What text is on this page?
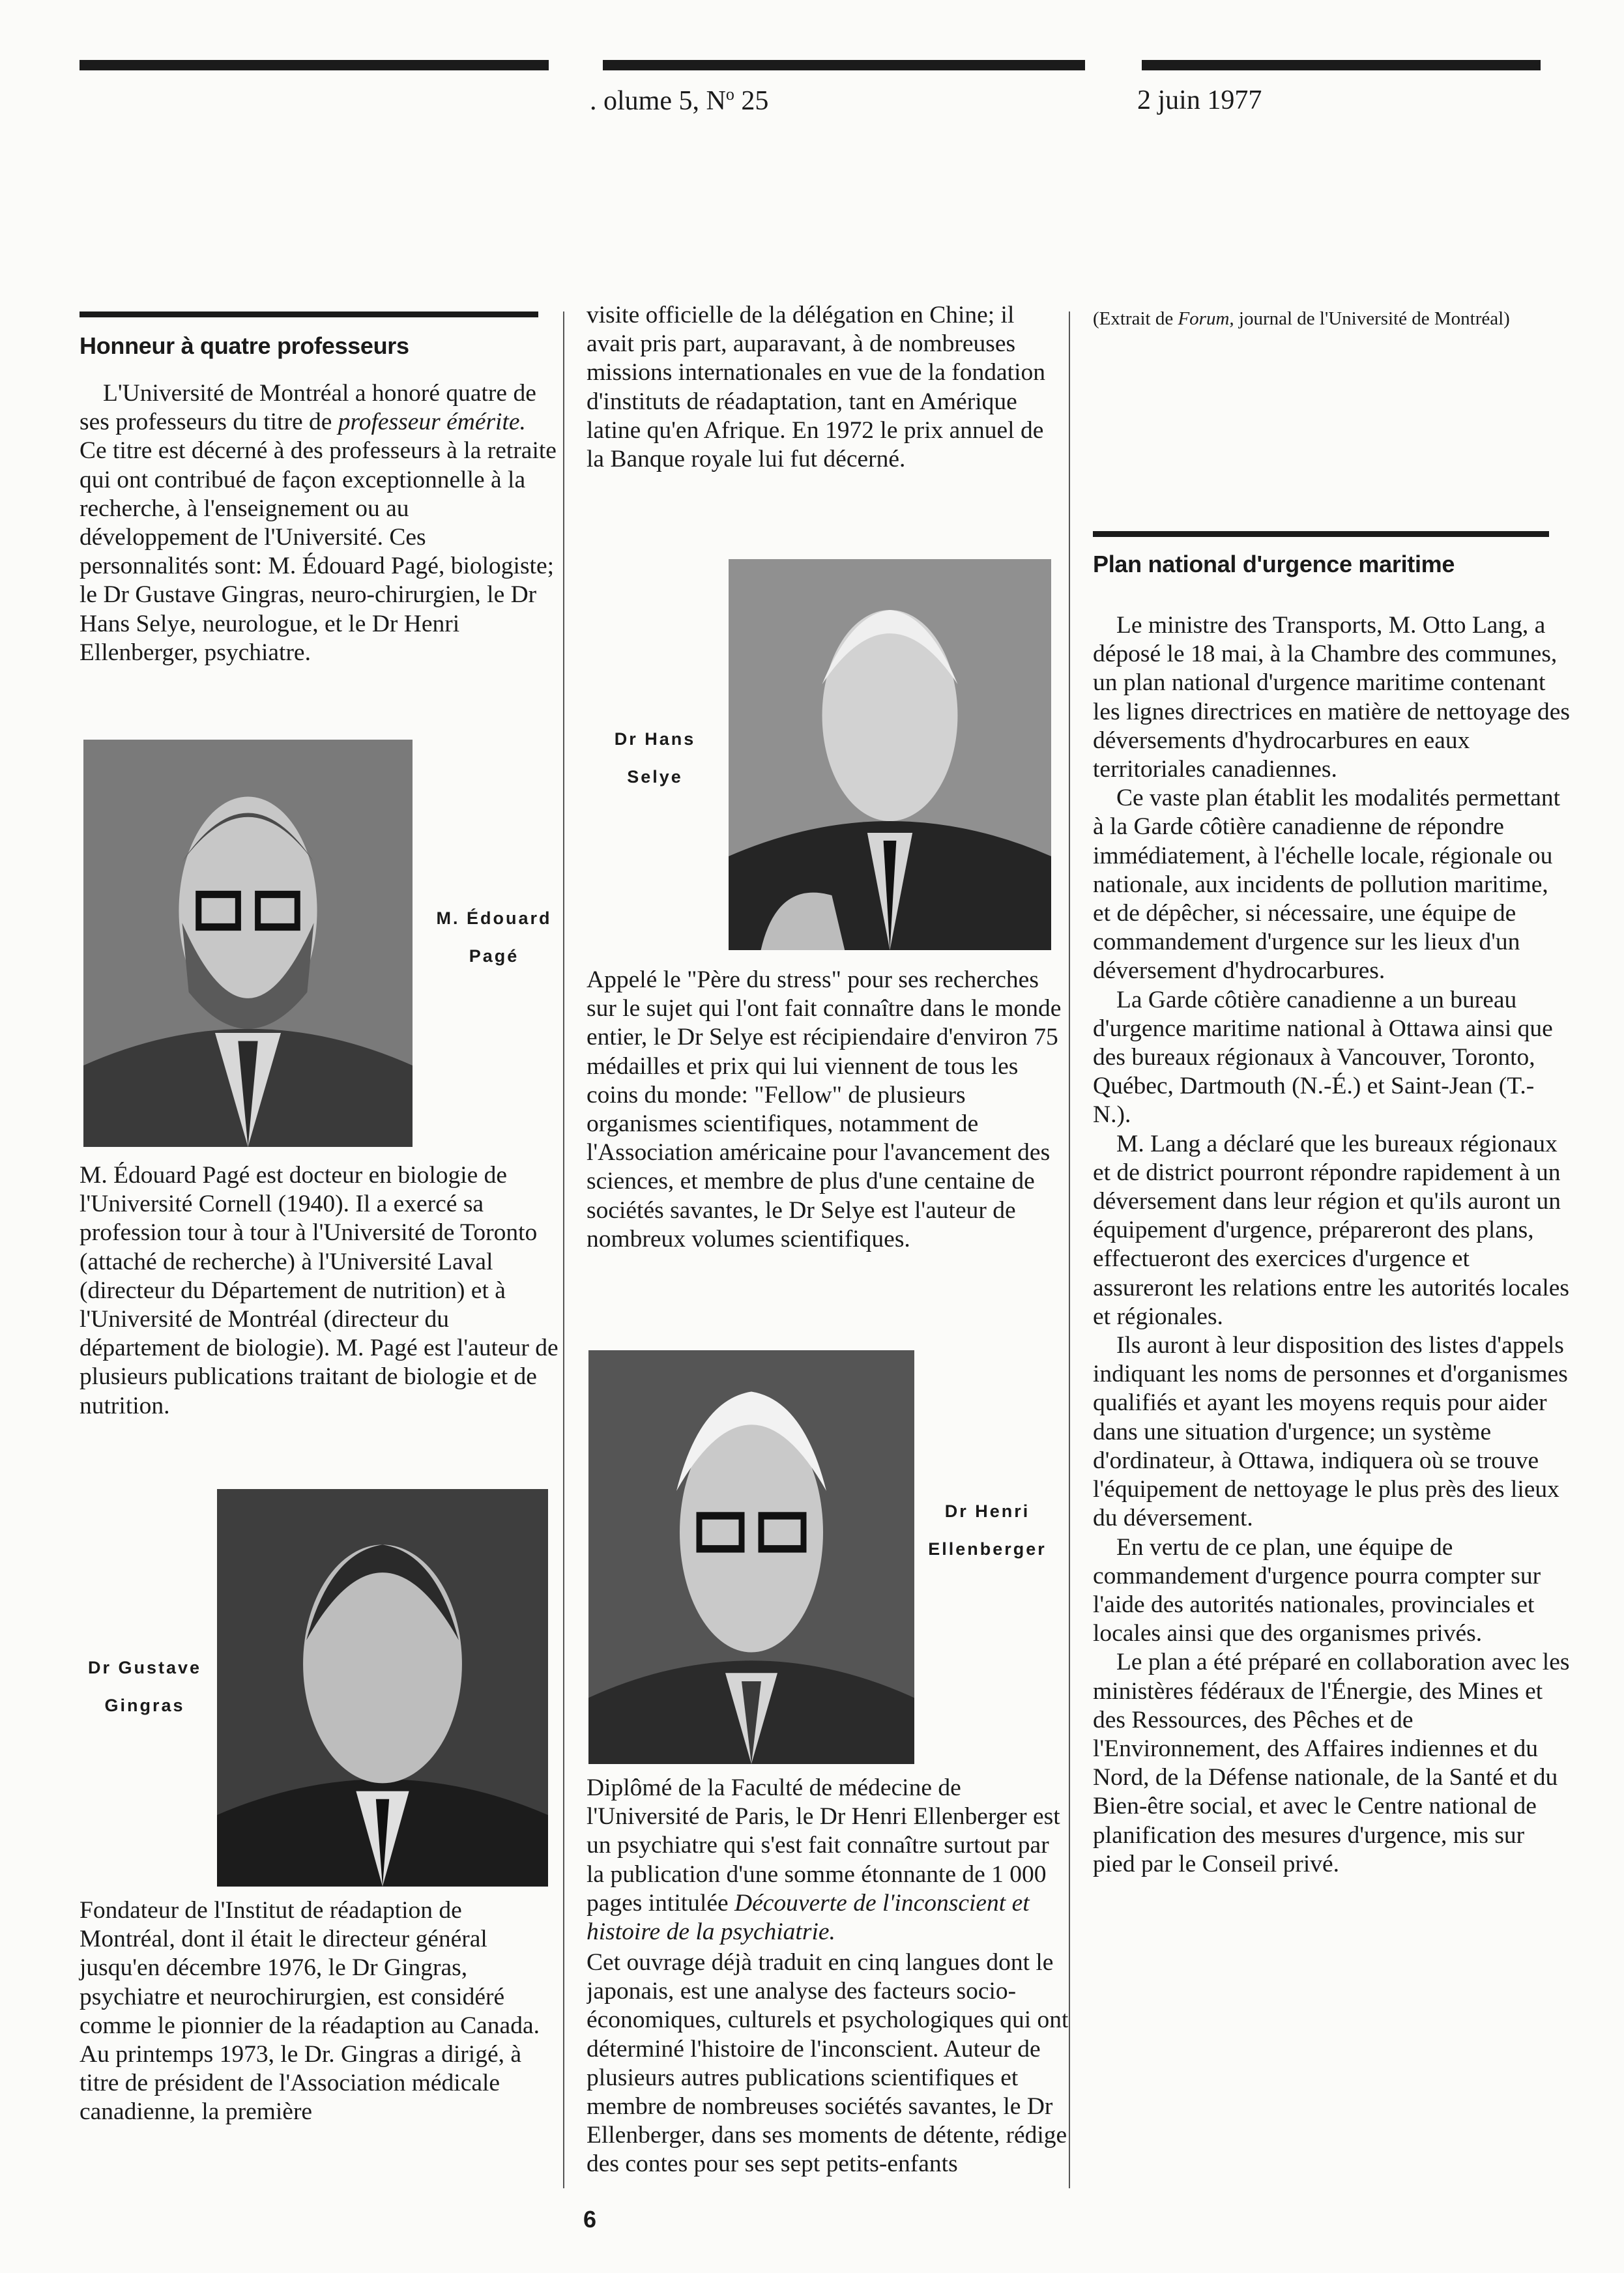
. olume 5, $N^o$ 25	2 juin 1977
Honneur à quatre professeurs

L'Université de Montréal a honoré quatre de ses professeurs du titre de professeur émérite. Ce titre est décerné à des professeurs à la retraite qui ont contribué de façon exceptionnelle à la recherche, à l'enseignement ou au développement de l'Université. Ces personnalités sont: M. Édouard Pagé, biologiste; le Dr Gustave Gingras, neuro-chirurgien, le Dr Hans Selye, neurologue, et le Dr Henri Ellenberger, psychiatre.

M. Édouard
Pagé

M. Édouard Pagé est docteur en biologie de l'Université Cornell (1940). Il a exercé sa profession tour à tour à l'Université de Toronto (attaché de recherche) à l'Université Laval (directeur du Département de nutrition) et à l'Université de Montréal (directeur du département de biologie). M. Pagé est l'auteur de plusieurs publications traitant de biologie et de nutrition.

Dr Gustave
Gingras

Fondateur de l'Institut de réadaption de Montréal, dont il était le directeur général jusqu'en décembre 1976, le Dr Gingras, psychiatre et neurochirurgien, est considéré comme le pionnier de la réadaption au Canada. Au printemps 1973, le Dr. Gingras a dirigé, à titre de président de l'Association médicale canadienne, la première

visite officielle de la délégation en Chine; il avait pris part, auparavant, à de nombreuses missions internationales en vue de la fondation d'instituts de réadaptation, tant en Amérique latine qu'en Afrique. En 1972 le prix annuel de la Banque royale lui fut décerné.

Dr Hans
Selye

Appelé le "Père du stress" pour ses recherches sur le sujet qui l'ont fait connaître dans le monde entier, le Dr Selye est récipiendaire d'environ 75 médailles et prix qui lui viennent de tous les coins du monde: "Fellow" de plusieurs organismes scientifiques, notamment de l'Association américaine pour l'avancement des sciences, et membre de plus d'une centaine de sociétés savantes, le Dr Selye est l'auteur de nombreux volumes scientifiques.

Dr Henri
Ellenberger

Diplômé de la Faculté de médecine de l'Université de Paris, le Dr Henri Ellenberger est un psychiatre qui s'est fait connaître surtout par la publication d'une somme étonnante de 1 000 pages intitulée Découverte de l'inconscient et histoire de la psychiatrie.

Cet ouvrage déjà traduit en cinq langues dont le japonais, est une analyse des facteurs socio-économiques, culturels et psychologiques qui ont déterminé l'histoire de l'inconscient. Auteur de plusieurs autres publications scientifiques et membre de nombreuses sociétés savantes, le Dr Ellenberger, dans ses moments de détente, rédige des contes pour ses sept petits-enfants

(Extrait de Forum, journal de l'Université de Montréal)

Plan national d'urgence maritime

Le ministre des Transports, M. Otto Lang, a déposé le 18 mai, à la Chambre des communes, un plan national d'urgence maritime contenant les lignes directrices en matière de nettoyage des déversements d'hydrocarbures en eaux territoriales canadiennes.

Ce vaste plan établit les modalités permettant à la Garde côtière canadienne de répondre immédiatement, à l'échelle locale, régionale ou nationale, aux incidents de pollution maritime, et de dépêcher, si nécessaire, une équipe de commandement d'urgence sur les lieux d'un déversement d'hydrocarbures.

La Garde côtière canadienne a un bureau d'urgence maritime national à Ottawa ainsi que des bureaux régionaux à Vancouver, Toronto, Québec, Dartmouth (N.-É.) et Saint-Jean (T.-N.).

M. Lang a déclaré que les bureaux régionaux et de district pourront répondre rapidement à un déversement dans leur région et qu'ils auront un équipement d'urgence, prépareront des plans, effectueront des exercices d'urgence et assureront les relations entre les autorités locales et régionales.

Ils auront à leur disposition des listes d'appels indiquant les noms de personnes et d'organismes qualifiés et ayant les moyens requis pour aider dans une situation d'urgence; un système d'ordinateur, à Ottawa, indiquera où se trouve l'équipement de nettoyage le plus près des lieux du déversement.

En vertu de ce plan, une équipe de commandement d'urgence pourra compter sur l'aide des autorités nationales, provinciales et locales ainsi que des organismes privés.

Le plan a été préparé en collaboration avec les ministères fédéraux de l'Énergie, des Mines et des Ressources, des Pêches et de l'Environnement, des Affaires indiennes et du Nord, de la Défense nationale, de la Santé et du Bien-être social, et avec le Centre national de planification des mesures d'urgence, mis sur pied par le Conseil privé.

6
